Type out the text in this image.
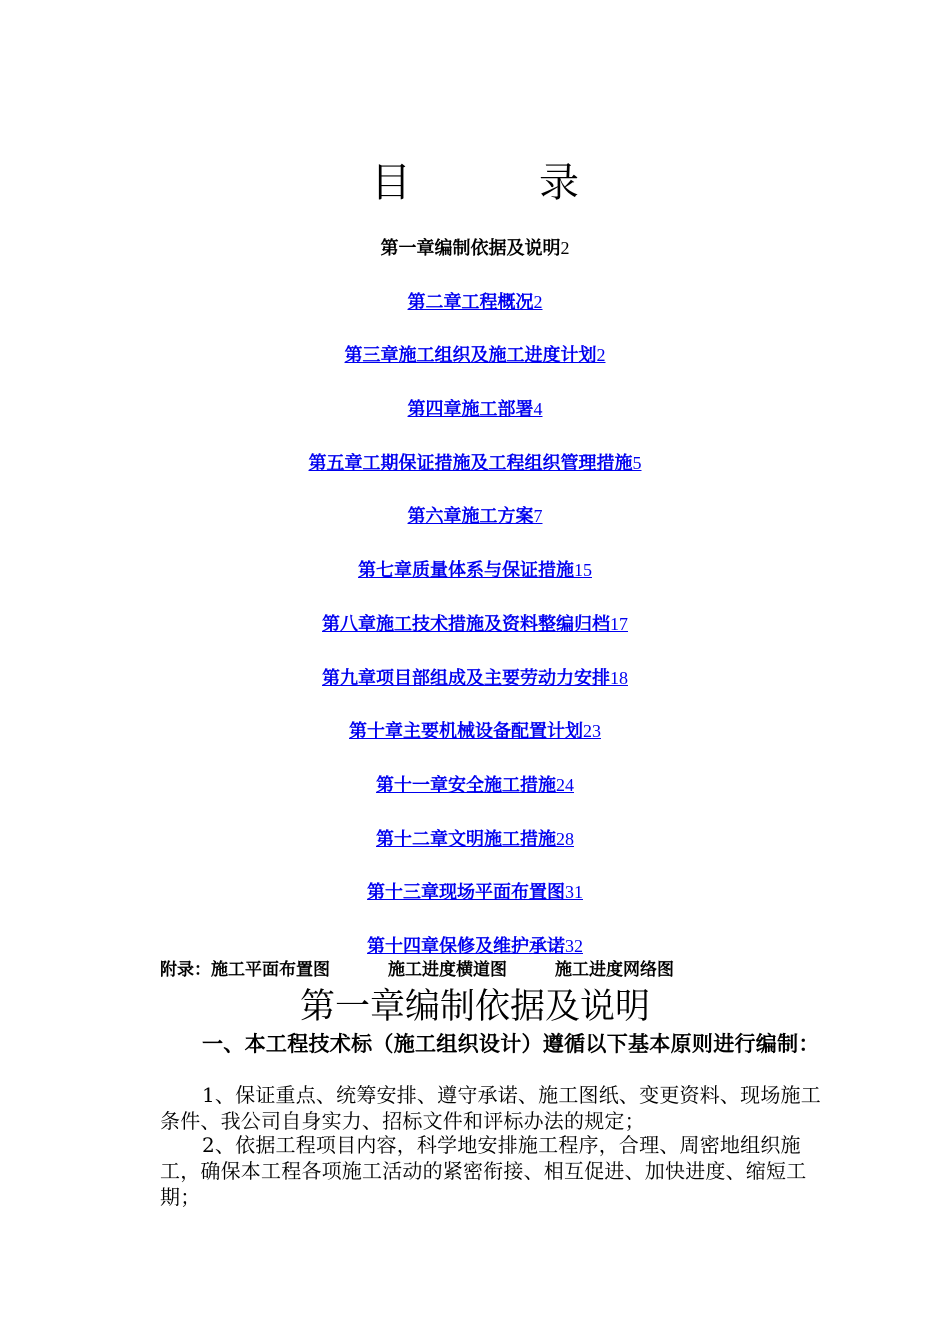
目	录
第一章编制依据及说明2
第二章工程概况2
第三章施工组织及施工进度计划2
第四章施工部署4
第五章工期保证措施及工程组织管理措施5
第六章施工方案7
第七章质量体系与保证措施15
第八章施工技术措施及资料整编归档17
第九章项目部组成及主要劳动力安排18
第十章主要机械设备配置计划23
第十一章安全施工措施24
第十二章文明施工措施28
第十三章现场平面布置图31
第十四章保修及维护承诺32
附录：施工平面布置图	施工进度横道图	施工进度网络图
第一章编制依据及说明
一、本工程技术标（施工组织设计）遵循以下基本原则进行编制：
1、保证重点、统筹安排、遵守承诺、施工图纸、变更资料、现场施工条件、我公司自身实力、招标文件和评标办法的规定；
2、依据工程项目内容，科学地安排施工程序，合理、周密地组织施工，确保本工程各项施工活动的紧密衔接、相互促进、加快进度、缩短工期；
